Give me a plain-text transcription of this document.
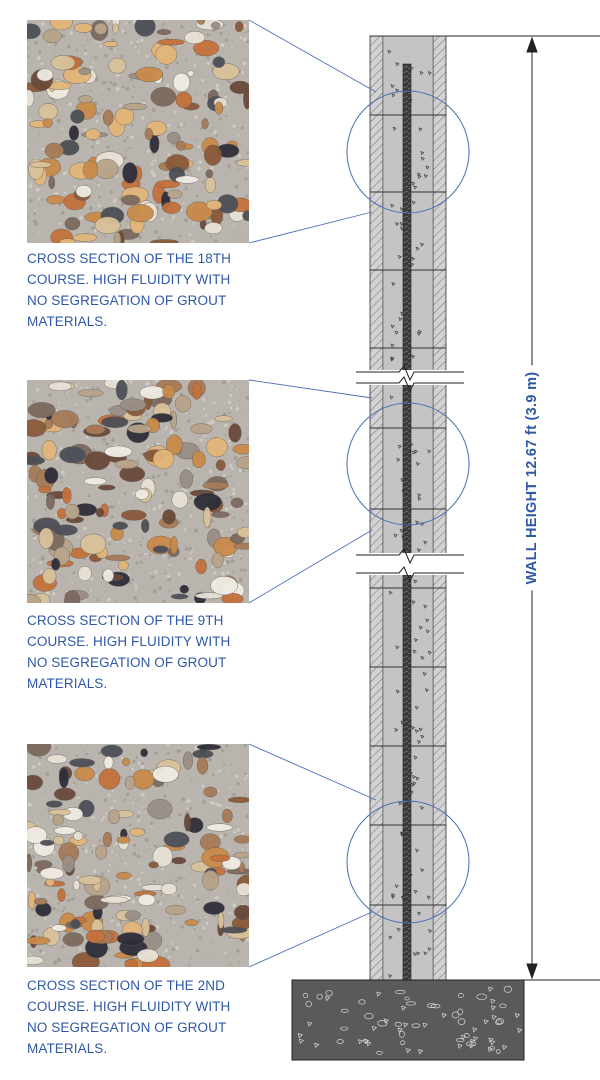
CROSS SECTION OF THE 18TH
COURSE. HIGH FLUIDITY WITH
NO SEGREGATION OF GROUT
MATERIALS.
CROSS SECTION OF THE 9TH
COURSE. HIGH FLUIDITY WITH
NO SEGREGATION OF GROUT
MATERIALS.
CROSS SECTION OF THE 2ND
COURSE. HIGH FLUIDITY WITH
NO SEGREGATION OF GROUT
MATERIALS.
WALL HEIGHT 12.67 ft (3.9 m)
